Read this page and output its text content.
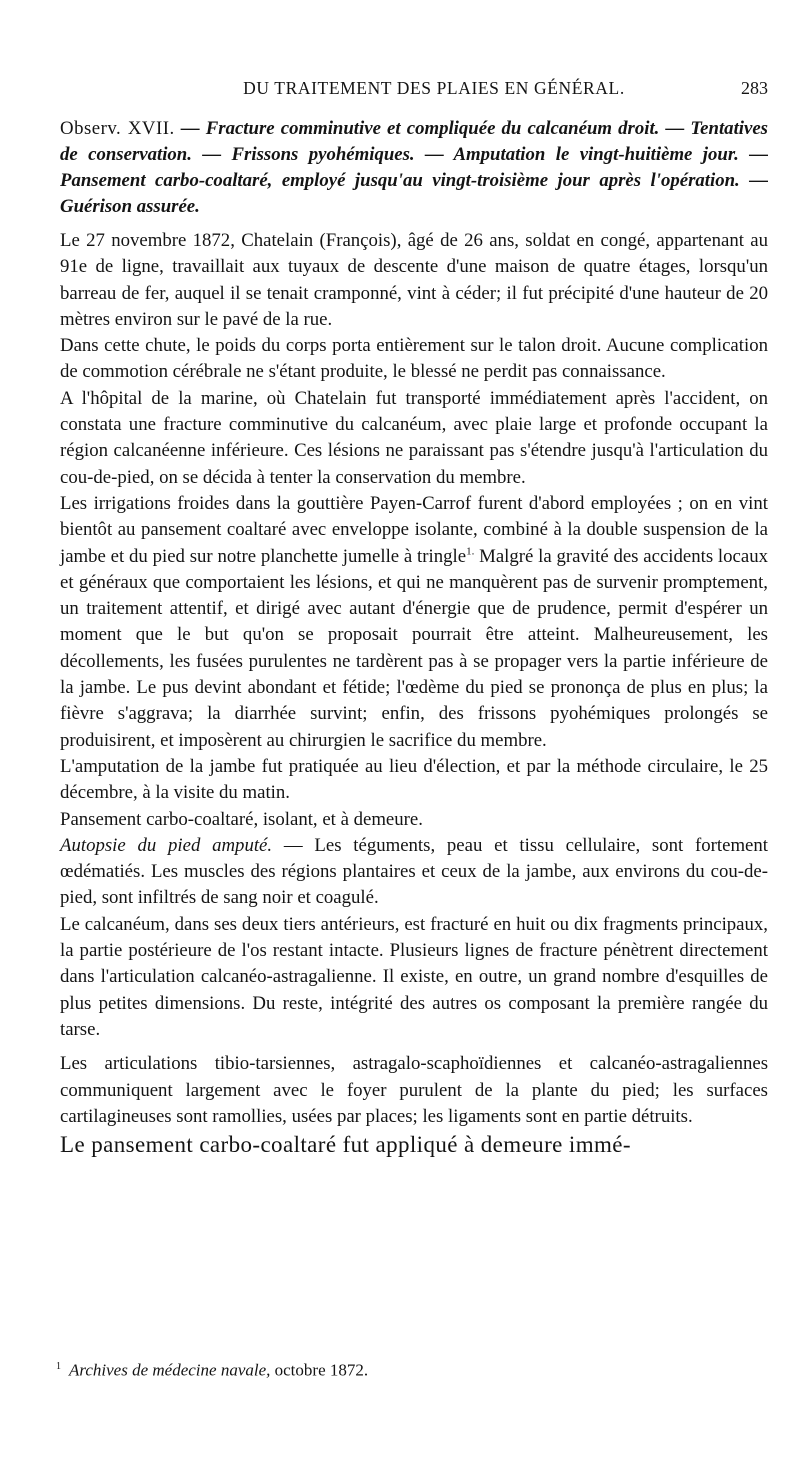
DU TRAITEMENT DES PLAIES EN GÉNÉRAL.	283

Observ. XVII. — Fracture comminutive et compliquée du calcanéum droit. — Tentatives de conservation. — Frissons pyohémiques. — Amputation le vingt-huitième jour. — Pansement carbo-coaltaré, employé jusqu'au vingt-troisième jour après l'opération. — Guérison assurée.

Le 27 novembre 1872, Chatelain (François), âgé de 26 ans, soldat en congé, appartenant au 91e de ligne, travaillait aux tuyaux de descente d'une maison de quatre étages, lorsqu'un barreau de fer, auquel il se tenait cramponné, vint à céder; il fut précipité d'une hauteur de 20 mètres environ sur le pavé de la rue.

Dans cette chute, le poids du corps porta entièrement sur le talon droit. Aucune complication de commotion cérébrale ne s'étant produite, le blessé ne perdit pas connaissance.

A l'hôpital de la marine, où Chatelain fut transporté immédiatement après l'accident, on constata une fracture comminutive du calcanéum, avec plaie large et profonde occupant la région calcanéenne inférieure. Ces lésions ne paraissant pas s'étendre jusqu'à l'articulation du cou-de-pied, on se décida à tenter la conservation du membre.

Les irrigations froides dans la gouttière Payen-Carrof furent d'abord employées ; on en vint bientôt au pansement coaltaré avec enveloppe isolante, combiné à la double suspension de la jambe et du pied sur notre planchette jumelle à tringle$^{1.}$ Malgré la gravité des accidents locaux et généraux que comportaient les lésions, et qui ne manquèrent pas de survenir promptement, un traitement attentif, et dirigé avec autant d'énergie que de prudence, permit d'espérer un moment que le but qu'on se proposait pourrait être atteint. Malheureusement, les décollements, les fusées purulentes ne tardèrent pas à se propager vers la partie inférieure de la jambe. Le pus devint abondant et fétide; l'œdème du pied se prononça de plus en plus; la fièvre s'aggrava; la diarrhée survint; enfin, des frissons pyohémiques prolongés se produisirent, et imposèrent au chirurgien le sacrifice du membre.

L'amputation de la jambe fut pratiquée au lieu d'élection, et par la méthode circulaire, le 25 décembre, à la visite du matin.

Pansement carbo-coaltaré, isolant, et à demeure.

Autopsie du pied amputé. — Les téguments, peau et tissu cellulaire, sont fortement œdématiés. Les muscles des régions plantaires et ceux de la jambe, aux environs du cou-de-pied, sont infiltrés de sang noir et coagulé.

Le calcanéum, dans ses deux tiers antérieurs, est fracturé en huit ou dix fragments principaux, la partie postérieure de l'os restant intacte. Plusieurs lignes de fracture pénètrent directement dans l'articulation calcanéo-astragalienne. Il existe, en outre, un grand nombre d'esquilles de plus petites dimensions. Du reste, intégrité des autres os composant la première rangée du tarse.

Les articulations tibio-tarsiennes, astragalo-scaphoïdiennes et calcanéo-astragaliennes communiquent largement avec le foyer purulent de la plante du pied; les surfaces cartilagineuses sont ramollies, usées par places; les ligaments sont en partie détruits.

Le pansement carbo-coaltaré fut appliqué à demeure immé-

$^1$ Archives de médecine navale, octobre 1872.
